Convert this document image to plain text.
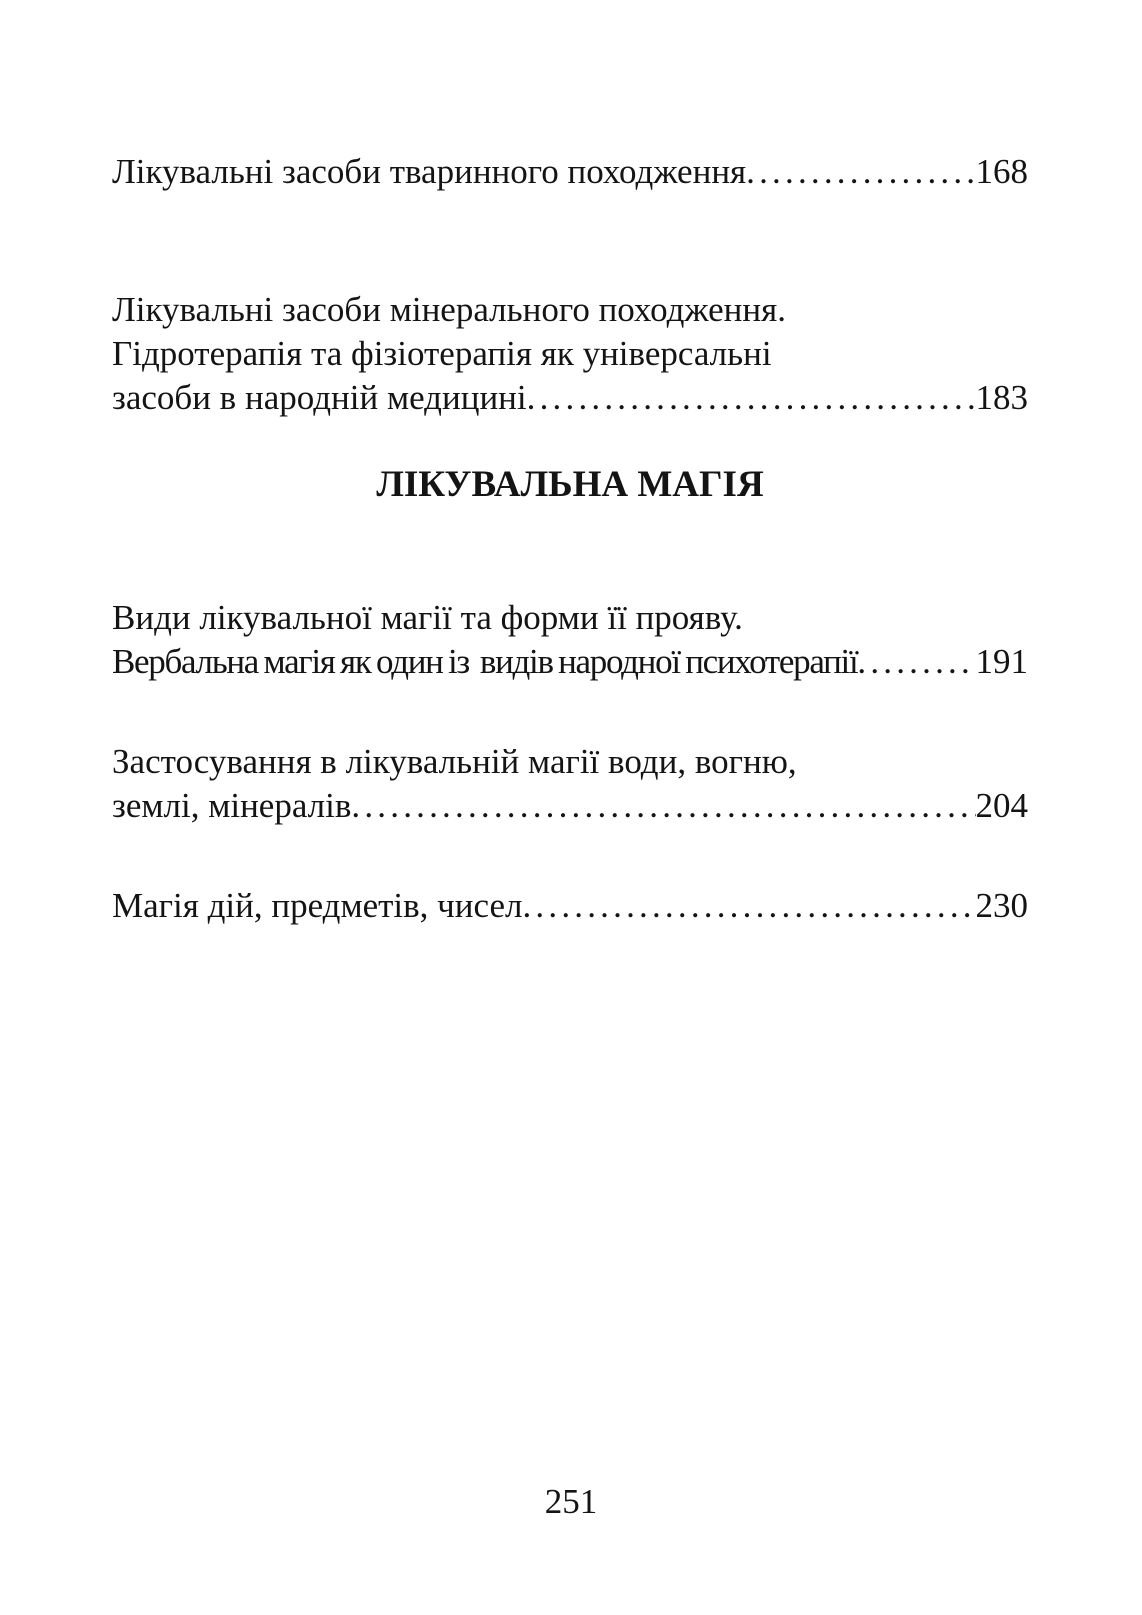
Лікувальні засоби тваринного походження .....	168
Лікувальні засоби мінерального походження.
Гідротерапія та фізіотерапія як універсальні
засоби в народній медицині .....	183
ЛІКУВАЛЬНА МАГІЯ
Види лікувальної магії та форми її прояву.
Вербальна магія як один із  видів народної психотерапії .....	191
Застосування в лікувальній магії води, вогню,
землі, мінералів .....	204
Магія дій, предметів, чисел .....	230
251
